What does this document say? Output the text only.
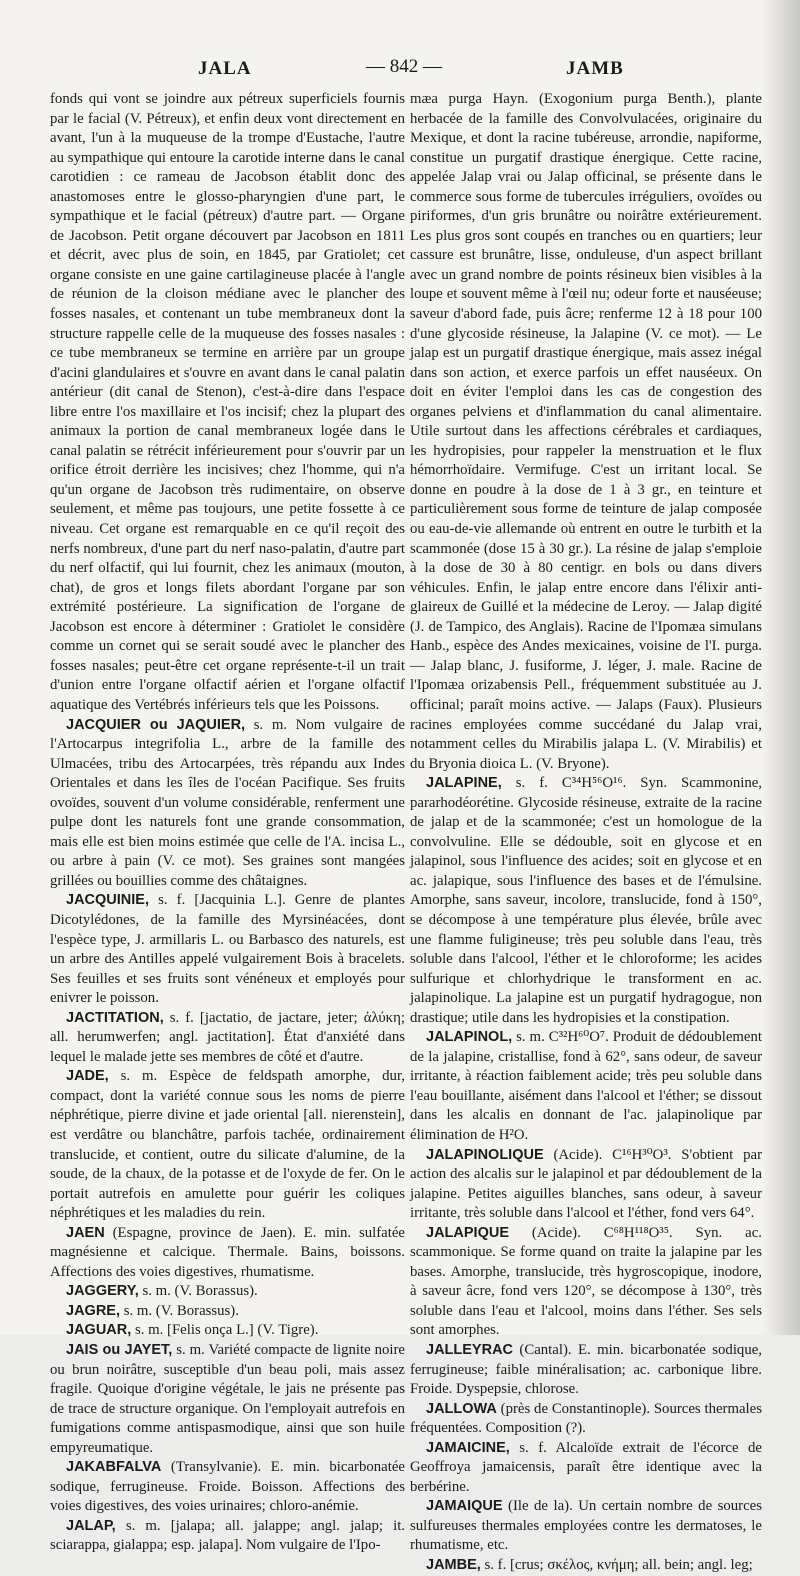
JALA	— 842 —	JAMB

fonds qui vont se joindre aux pétreux superficiels fournis par le facial (V. Pétreux), et enfin deux vont directement en avant, l'un à la muqueuse de la trompe d'Eustache, l'autre au sympathique qui entoure la carotide interne dans le canal carotidien : ce rameau de Jacobson établit donc des anastomoses entre le glosso-pharyngien d'une part, le sympathique et le facial (pétreux) d'autre part. — Organe de Jacobson. Petit organe découvert par Jacobson en 1811 et décrit, avec plus de soin, en 1845, par Gratiolet; cet organe consiste en une gaine cartilagineuse placée à l'angle de réunion de la cloison médiane avec le plancher des fosses nasales, et contenant un tube membraneux dont la structure rappelle celle de la muqueuse des fosses nasales : ce tube membraneux se termine en arrière par un groupe d'acini glandulaires et s'ouvre en avant dans le canal palatin antérieur (dit canal de Stenon), c'est-à-dire dans l'espace libre entre l'os maxillaire et l'os incisif; chez la plupart des animaux la portion de canal membraneux logée dans le canal palatin se rétrécit inférieurement pour s'ouvrir par un orifice étroit derrière les incisives; chez l'homme, qui n'a qu'un organe de Jacobson très rudimentaire, on observe seulement, et même pas toujours, une petite fossette à ce niveau. Cet organe est remarquable en ce qu'il reçoit des nerfs nombreux, d'une part du nerf naso-palatin, d'autre part du nerf olfactif, qui lui fournit, chez les animaux (mouton, chat), de gros et longs filets abordant l'organe par son extrémité postérieure. La signification de l'organe de Jacobson est encore à déterminer : Gratiolet le considère comme un cornet qui se serait soudé avec le plancher des fosses nasales; peut-être cet organe représente-t-il un trait d'union entre l'organe olfactif aérien et l'organe olfactif aquatique des Vertébrés inférieurs tels que les Poissons.

JACQUIER ou JAQUIER, s. m. Nom vulgaire de l'Artocarpus integrifolia L., arbre de la famille des Ulmacées, tribu des Artocarpées, très répandu aux Indes Orientales et dans les îles de l'océan Pacifique. Ses fruits ovoïdes, souvent d'un volume considérable, renferment une pulpe dont les naturels font une grande consommation, mais elle est bien moins estimée que celle de l'A. incisa L., ou arbre à pain (V. ce mot). Ses graines sont mangées grillées ou bouillies comme des châtaignes.

JACQUINIE, s. f. [Jacquinia L.]. Genre de plantes Dicotylédones, de la famille des Myrsinéacées, dont l'espèce type, J. armillaris L. ou Barbasco des naturels, est un arbre des Antilles appelé vulgairement Bois à bracelets. Ses feuilles et ses fruits sont vénéneux et employés pour enivrer le poisson.

JACTITATION, s. f. [jactatio, de jactare, jeter; ἀλύκη; all. herumwerfen; angl. jactitation]. État d'anxiété dans lequel le malade jette ses membres de côté et d'autre.

JADE, s. m. Espèce de feldspath amorphe, dur, compact, dont la variété connue sous les noms de pierre néphrétique, pierre divine et jade oriental [all. nierenstein], est verdâtre ou blanchâtre, parfois tachée, ordinairement translucide, et contient, outre du silicate d'alumine, de la soude, de la chaux, de la potasse et de l'oxyde de fer. On le portait autrefois en amulette pour guérir les coliques néphrétiques et les maladies du rein.

JAEN (Espagne, province de Jaen). E. min. sulfatée magnésienne et calcique. Thermale. Bains, boissons. Affections des voies digestives, rhumatisme.

JAGGERY, s. m. (V. Borassus).

JAGRE, s. m. (V. Borassus).

JAGUAR, s. m. [Felis onça L.] (V. Tigre).

JAIS ou JAYET, s. m. Variété compacte de lignite noire ou brun noirâtre, susceptible d'un beau poli, mais assez fragile. Quoique d'origine végétale, le jais ne présente pas de trace de structure organique. On l'employait autrefois en fumigations comme antispasmodique, ainsi que son huile empyreumatique.

JAKABFALVA (Transylvanie). E. min. bicarbonatée sodique, ferrugineuse. Froide. Boisson. Affections des voies digestives, des voies urinaires; chloro-anémie.

JALAP, s. m. [jalapa; all. jalappe; angl. jalap; it. sciarappa, gialappa; esp. jalapa]. Nom vulgaire de l'Ipo-

mæa purga Hayn. (Exogonium purga Benth.), plante herbacée de la famille des Convolvulacées, originaire du Mexique, et dont la racine tubéreuse, arrondie, napiforme, constitue un purgatif drastique énergique. Cette racine, appelée Jalap vrai ou Jalap officinal, se présente dans le commerce sous forme de tubercules irréguliers, ovoïdes ou piriformes, d'un gris brunâtre ou noirâtre extérieurement. Les plus gros sont coupés en tranches ou en quartiers; leur cassure est brunâtre, lisse, onduleuse, d'un aspect brillant avec un grand nombre de points résineux bien visibles à la loupe et souvent même à l'œil nu; odeur forte et nauséeuse; saveur d'abord fade, puis âcre; renferme 12 à 18 pour 100 d'une glycoside résineuse, la Jalapine (V. ce mot). — Le jalap est un purgatif drastique énergique, mais assez inégal dans son action, et exerce parfois un effet nauséeux. On doit en éviter l'emploi dans les cas de congestion des organes pelviens et d'inflammation du canal alimentaire. Utile surtout dans les affections cérébrales et cardiaques, les hydropisies, pour rappeler la menstruation et le flux hémorrhoïdaire. Vermifuge. C'est un irritant local. Se donne en poudre à la dose de 1 à 3 gr., en teinture et particulièrement sous forme de teinture de jalap composée ou eau-de-vie allemande où entrent en outre le turbith et la scammonée (dose 15 à 30 gr.). La résine de jalap s'emploie à la dose de 30 à 80 centigr. en bols ou dans divers véhicules. Enfin, le jalap entre encore dans l'élixir anti-glaireux de Guillé et la médecine de Leroy. — Jalap digité (J. de Tampico, des Anglais). Racine de l'Ipomæa simulans Hanb., espèce des Andes mexicaines, voisine de l'I. purga. — Jalap blanc, J. fusiforme, J. léger, J. male. Racine de l'Ipomæa orizabensis Pell., fréquemment substituée au J. officinal; paraît moins active. — Jalaps (Faux). Plusieurs racines employées comme succédané du Jalap vrai, notamment celles du Mirabilis jalapa L. (V. Mirabilis) et du Bryonia dioica L. (V. Bryone).

JALAPINE, s. f. C³⁴H⁵⁶O¹⁶. Syn. Scammonine, pararhodéorétine. Glycoside résineuse, extraite de la racine de jalap et de la scammonée; c'est un homologue de la convolvuline. Elle se dédouble, soit en glycose et en jalapinol, sous l'influence des acides; soit en glycose et en ac. jalapique, sous l'influence des bases et de l'émulsine. Amorphe, sans saveur, incolore, translucide, fond à 150°, se décompose à une température plus élevée, brûle avec une flamme fuligineuse; très peu soluble dans l'eau, très soluble dans l'alcool, l'éther et le chloroforme; les acides sulfurique et chlorhydrique le transforment en ac. jalapinolique. La jalapine est un purgatif hydragogue, non drastique; utile dans les hydropisies et la constipation.

JALAPINOL, s. m. C³²H⁶⁰O⁷. Produit de dédoublement de la jalapine, cristallise, fond à 62°, sans odeur, de saveur irritante, à réaction faiblement acide; très peu soluble dans l'eau bouillante, aisément dans l'alcool et l'éther; se dissout dans les alcalis en donnant de l'ac. jalapinolique par élimination de H²O.

JALAPINOLIQUE (Acide). C¹⁶H³⁰O³. S'obtient par action des alcalis sur le jalapinol et par dédoublement de la jalapine. Petites aiguilles blanches, sans odeur, à saveur irritante, très soluble dans l'alcool et l'éther, fond vers 64°.

JALAPIQUE (Acide). C⁶⁸H¹¹⁸O³⁵. Syn. ac. scammonique. Se forme quand on traite la jalapine par les bases. Amorphe, translucide, très hygroscopique, inodore, à saveur âcre, fond vers 120°, se décompose à 130°, très soluble dans l'eau et l'alcool, moins dans l'éther. Ses sels sont amorphes.

JALLEYRAC (Cantal). E. min. bicarbonatée sodique, ferrugineuse; faible minéralisation; ac. carbonique libre. Froide. Dyspepsie, chlorose.

JALLOWA (près de Constantinople). Sources thermales fréquentées. Composition (?).

JAMAICINE, s. f. Alcaloïde extrait de l'écorce de Geoffroya jamaicensis, paraît être identique avec la berbérine.

JAMAIQUE (Ile de la). Un certain nombre de sources sulfureuses thermales employées contre les dermatoses, le rhumatisme, etc.

JAMBE, s. f. [crus; σκέλος, κνήμη; all. bein; angl. leg;
